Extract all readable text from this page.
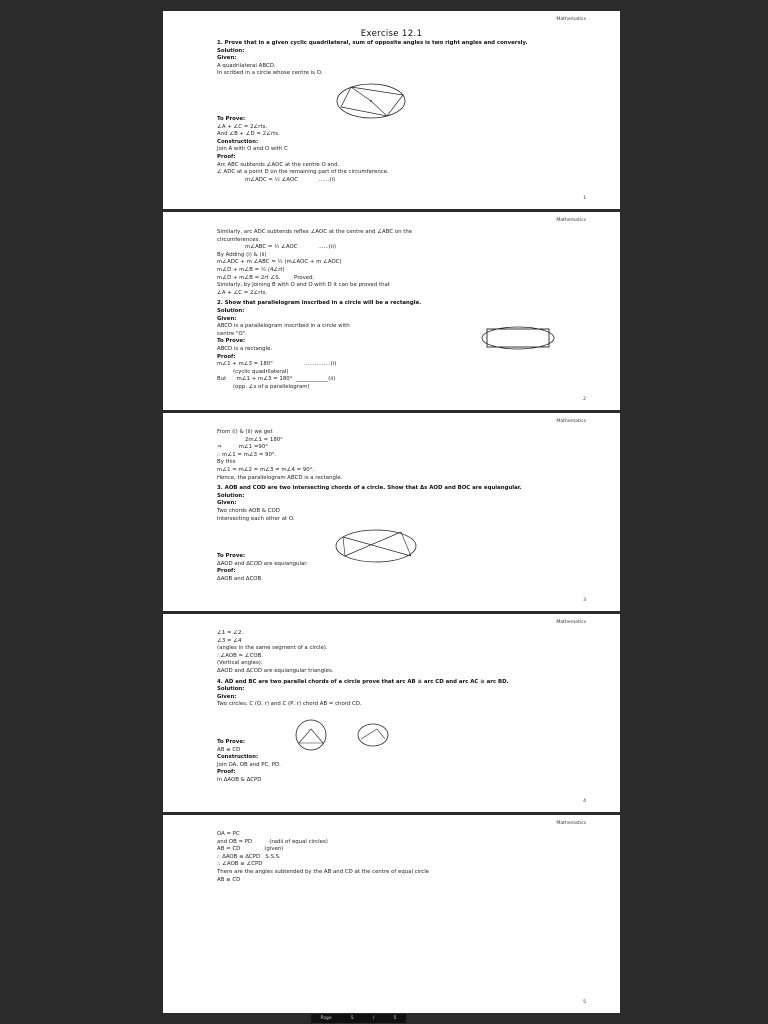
Mathematics
Exercise 12.1
1. Prove that in a given cyclic quadrilateral, sum of opposite angles is two right angles and conversly.
Solution:
Given:
A quadrilateral ABCD.
In scribed in a circle whose centre is O.
To Prove:
∠A + ∠C = 2∠rts.
And ∠B + ∠D = 2∠rts.
Construction:
Join A with O and O with C
Proof:
Arc ABC subtends ∠AOC at the centre O and.
∠ ADC at a point D on the remaining part of the circumference.
m∠ADC = ½ ∠AOC            ……(i)
1
Mathematics
Similarly, arc ADC subtends reflex ∠AOC at the centre and ∠ABC on the
circumferences.
m∠ABC = ½ ∠AOC            ……(ii)
By Adding (i) & (ii)
m∠ADC + m ∠ABC = ½ (m∠AOC + m ∠AOC)
m∠D + m∠B = ½ (4∠rt)
m∠D + m∠B = 2rt ∠S.        Proved.
Similarly, by Joining B with O and O with D it can be proved that
∠A + ∠C = 2∠rts.
2. Show that parallelogram inscribed in a circle will be a rectangle.
Solution:
Given:
ABCD is a parallelogram inscribed in a circle with
centre "O".
To Prove:
ABCD is a rectangle.
Proof:
m∠1 + m∠3 = 180°                  ……………(i)
(cyclic quadrilateral)
But      m∠1 + m∠3 = 180°  ____________(ii)
(opp. ∠s of a parallelogram)
2
Mathematics
From (i) & (ii) we get
2m∠1 = 180°
⇒          m∠1 =90°
∴ m∠1 = m∠3 = 90°.
By this
m∠1 = m∠2 = m∠3 = m∠4 = 90°.
Hence, the parallelogram ABCD is a rectangle.
3. AOB and COD are two intersecting chords of a circle. Show that Δs AOD and BOC are equiangular.
Solution:
Given:
Two chords AOB & COD
Intersecting each other at O.
To Prove:
ΔAOD and ΔCOD are equiangular.
Proof:
ΔAOB and ΔCOB
3
Mathematics
∠1 = ∠2.
∠3 = ∠4
(angles in the same segment of a circle).
∴∠AOB = ∠COB.
(Vertical angles).
ΔAOD and ΔCOD are equiangular triangles.
4. AD and BC are two parallel chords of a circle prove that arc AB ≅ arc CD and arc AC ≅ arc BD.
Solution:
Given:
Two circles, C (O, r) and C (P, r) chord AB = chord CD.
To Prove:
AB ≅ CD
Construction:
Join OA, OB and PC, PD.
Proof:
In ΔAOB & ΔCPD
4
Mathematics
OA = PC
and OB = PD          (radii of equal circles)
AB = CD              (given)
∴ ΔAOB ≅ ΔCPD   S.S.S.
∴ ∠AOB ≅ ∠CPD
There are the angles subtended by the AB and CD at the centre of equal circle
AB ≅ CD
5
Page	5	/	5
